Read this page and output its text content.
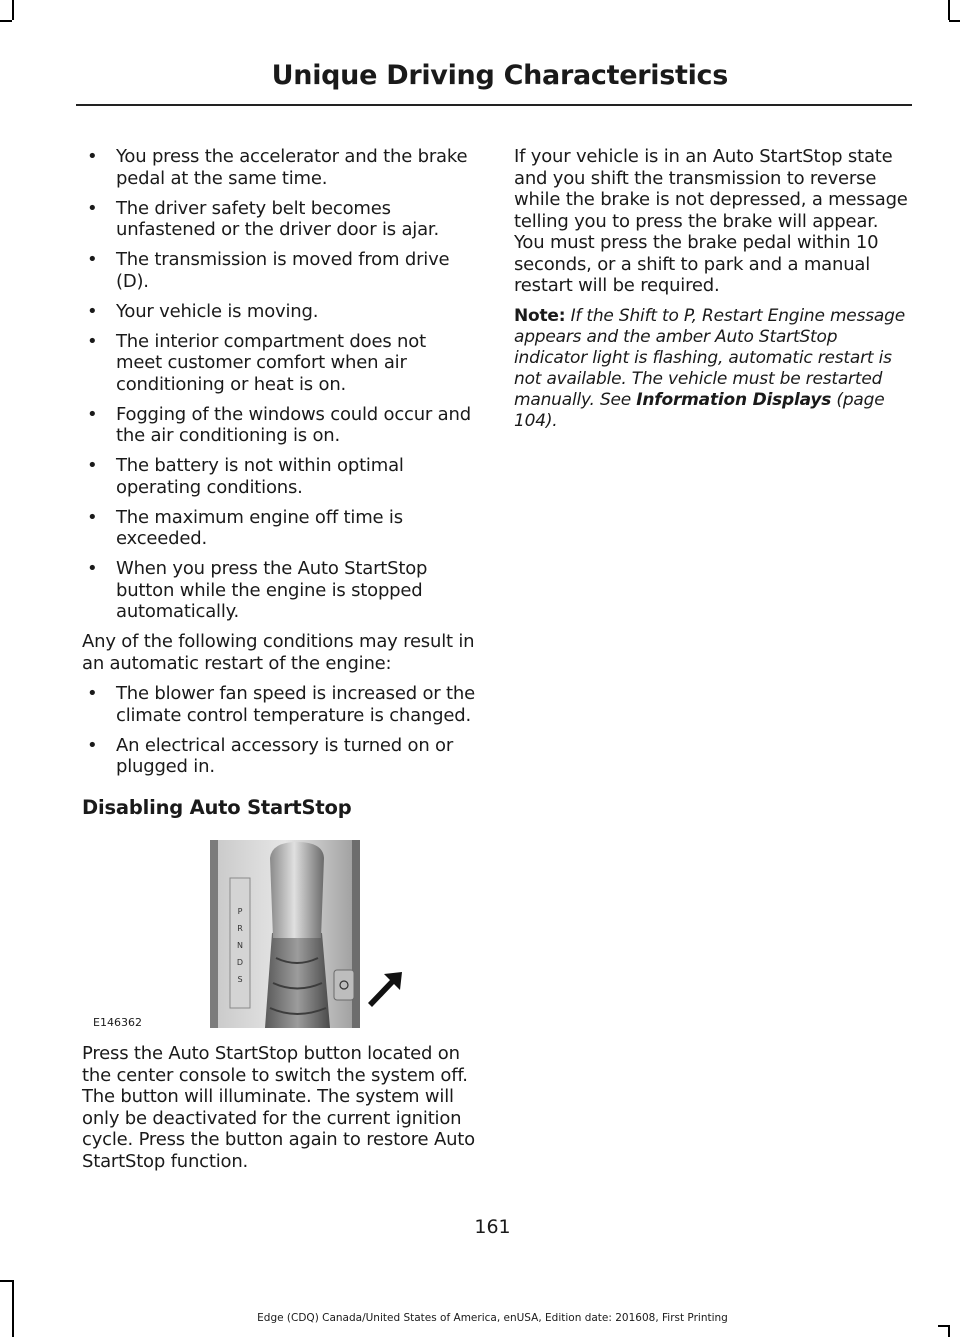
Unique Driving Characteristics
• You press the accelerator and the brake pedal at the same time.
• The driver safety belt becomes unfastened or the driver door is ajar.
• The transmission is moved from drive (D).
• Your vehicle is moving.
• The interior compartment does not meet customer comfort when air conditioning or heat is on.
• Fogging of the windows could occur and the air conditioning is on.
• The battery is not within optimal operating conditions.
• The maximum engine off time is exceeded.
• When you press the Auto StartStop button while the engine is stopped automatically.

Any of the following conditions may result in an automatic restart of the engine:

• The blower fan speed is increased or the climate control temperature is changed.
• An electrical accessory is turned on or plugged in.
Disabling Auto StartStop
P
R
N
D
S
E146362

Press the Auto StartStop button located on the center console to switch the system off. The button will illuminate. The system will only be deactivated for the current ignition cycle. Press the button again to restore Auto StartStop function.

If your vehicle is in an Auto StartStop state and you shift the transmission to reverse while the brake is not depressed, a message telling you to press the brake will appear. You must press the brake pedal within 10 seconds, or a shift to park and a manual restart will be required.

Note: If the Shift to P, Restart Engine message appears and the amber Auto StartStop indicator light is flashing, automatic restart is not available. The vehicle must be restarted manually. See Information Displays (page 104).
161
Edge (CDQ) Canada/United States of America, enUSA, Edition date: 201608, First Printing
